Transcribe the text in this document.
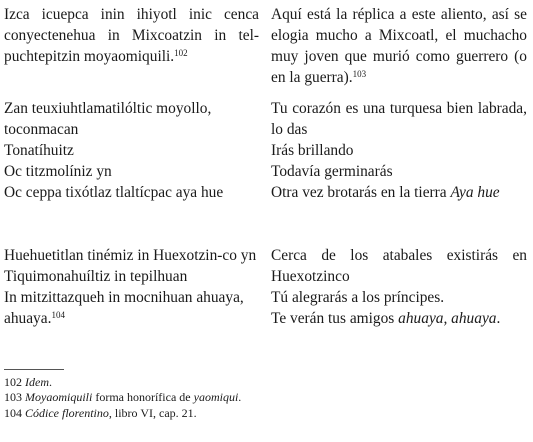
Izca icuepca inin ihiyotl inic cenca conyectenehua in Mixcoatzin in tel-puchtepitzin moyaomiquili.$^{102}$
Aquí está la réplica a este aliento, así se elogia mucho a Mixcoatl, el muchacho muy joven que murió como guerrero (o en la guerra).$^{103}$
Zan teuxiuhtlamatilóltic moyollo, toconmacan
Tonatíhuitz
Oc titzmolíniz yn
Oc ceppa tixótlaz tlaltícpac aya hue
Tu corazón es una turquesa bien labrada, lo das
Irás brillando
Todavía germinarás
Otra vez brotarás en la tierra Aya hue
Huehuetitlan tinémiz in Huexotzin-co yn
Tiquimonahuíltiz in tepilhuan
In mitzittazqueh in mocnihuan ahuaya, ahuaya.$^{104}$
Cerca de los atabales existirás en Huexotzinco
Tú alegrarás a los príncipes.
Te verán tus amigos ahuaya, ahuaya.
102 Idem.
103 Moyaomiquili forma honorífica de yaomiqui.
104 Códice florentino, libro VI, cap. 21.
